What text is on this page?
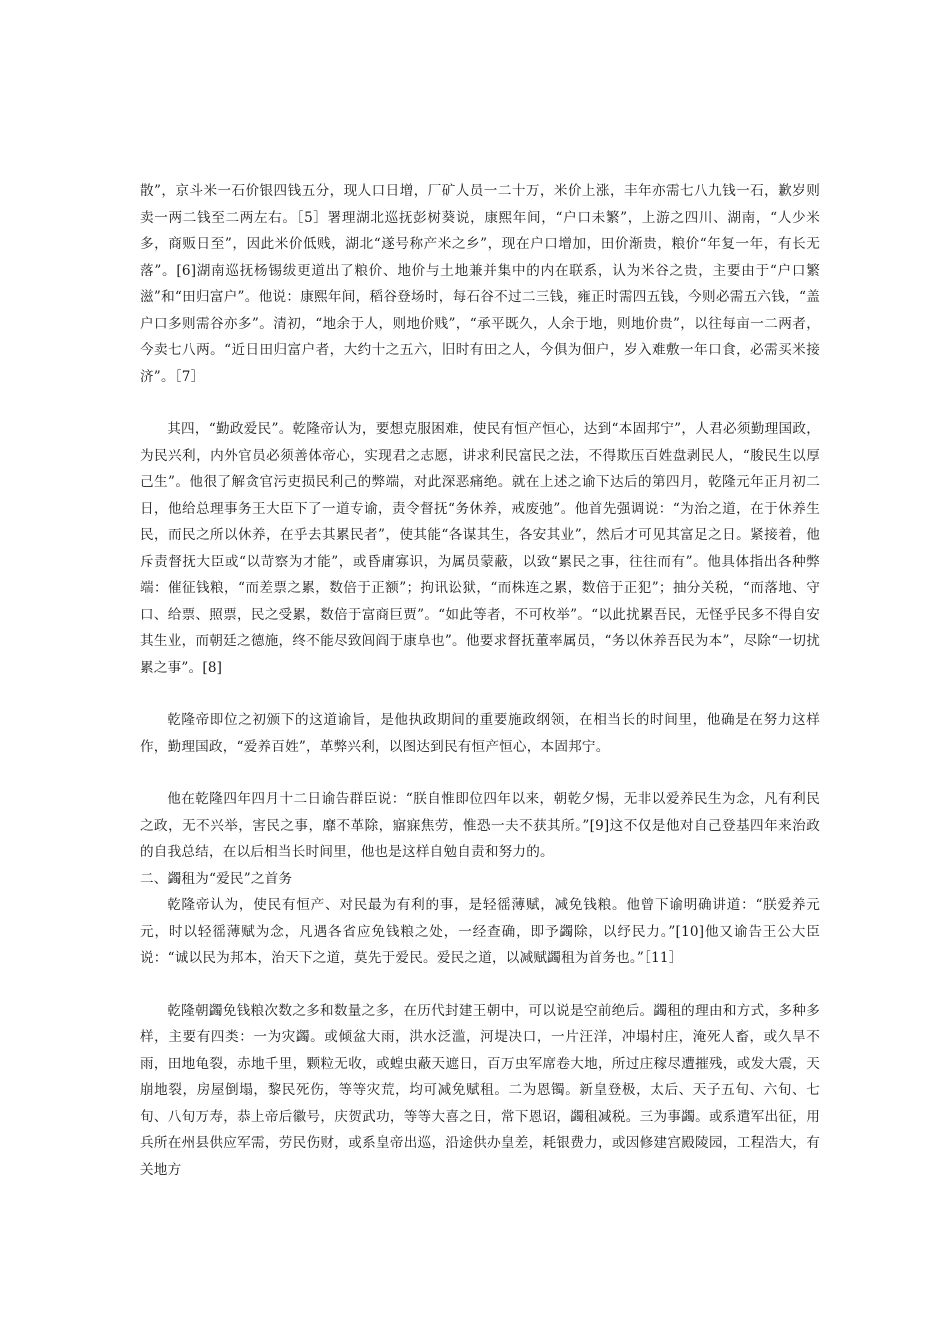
散”，京斗米一石价银四钱五分，现人口日增，厂矿人员一二十万，米价上涨，丰年亦需七八九钱一石，歉岁则卖一两二钱至二两左右。［5］署理湖北巡抚彭树葵说，康熙年间，“户口未繁”，上游之四川、湖南，“人少米多，商贩日至”，因此米价低贱，湖北“遂号称产米之乡”，现在户口增加，田价渐贵，粮价“年复一年，有长无落”。[6]湖南巡抚杨锡绂更道出了粮价、地价与土地兼并集中的内在联系，认为米谷之贵，主要由于“户口繁滋”和“田归富户”。他说：康熙年间，稻谷登场时，每石谷不过二三钱，雍正时需四五钱，今则必需五六钱，“盖户口多则需谷亦多”。清初，“地余于人，则地价贱”，“承平既久，人余于地，则地价贵”，以往每亩一二两者，今卖七八两。“近日田归富户者，大约十之五六，旧时有田之人，今俱为佃户，岁入难敷一年口食，必需买米接济”。［7］

其四，“勤政爱民”。乾隆帝认为，要想克服困难，使民有恒产恒心，达到“本固邦宁”，人君必须勤理国政，为民兴利，内外官员必须善体帝心，实现君之志愿，讲求利民富民之法，不得欺压百姓盘剥民人，“朘民生以厚己生”。他很了解贪官污吏损民利己的弊端，对此深恶痛绝。就在上述之谕下达后的第四月，乾隆元年正月初二日，他给总理事务王大臣下了一道专谕，责令督抚“务休养，戒废弛”。他首先强调说：“为治之道，在于休养生民，而民之所以休养，在乎去其累民者”，使其能“各谋其生，各安其业”，然后才可见其富足之日。紧接着，他斥责督抚大臣或“以苛察为才能”，或昏庸寡识，为属员蒙蔽，以致“累民之事，往往而有”。他具体指出各种弊端：催征钱粮，“而差票之累，数倍于正额”；拘讯讼狱，“而株连之累，数倍于正犯”；抽分关税，“而落地、守口、给票、照票，民之受累，数倍于富商巨贾”。“如此等者，不可枚举”。“以此扰累吾民，无怪乎民多不得自安其生业，而朝廷之德施，终不能尽致闾阎于康阜也”。他要求督抚董率属员，“务以休养吾民为本”，尽除“一切扰累之事”。[8]

乾隆帝即位之初颁下的这道谕旨，是他执政期间的重要施政纲领，在相当长的时间里，他确是在努力这样作，勤理国政，“爱养百姓”，革弊兴利，以图达到民有恒产恒心，本固邦宁。

他在乾隆四年四月十二日谕告群臣说：“朕自惟即位四年以来，朝乾夕惕，无非以爱养民生为念，凡有利民之政，无不兴举，害民之事，靡不革除，寤寐焦劳，惟恐一夫不获其所。”[9]这不仅是他对自己登基四年来治政的自我总结，在以后相当长时间里，他也是这样自勉自责和努力的。

二、蠲租为“爱民”之首务

乾隆帝认为，使民有恒产、对民最为有利的事，是轻徭薄赋，减免钱粮。他曾下谕明确讲道：“朕爱养元元，时以轻徭薄赋为念，凡遇各省应免钱粮之处，一经查确，即予蠲除，以纾民力。”[10]他又谕告王公大臣说：“诚以民为邦本，治天下之道，莫先于爱民。爱民之道，以减赋蠲租为首务也。”［11］

乾隆朝蠲免钱粮次数之多和数量之多，在历代封建王朝中，可以说是空前绝后。蠲租的理由和方式，多种多样，主要有四类：一为灾蠲。或倾盆大雨，洪水泛滥，河堤决口，一片汪洋，冲塌村庄，淹死人畜，或久旱不雨，田地龟裂，赤地千里，颗粒无收，或蝗虫蔽天遮日，百万虫军席卷大地，所过庄稼尽遭摧残，或发大震，天崩地裂，房屋倒塌，黎民死伤，等等灾荒，均可减免赋租。二为恩镯。新皇登极，太后、天子五旬、六旬、七旬、八旬万寿，恭上帝后徽号，庆贺武功，等等大喜之日，常下恩诏，蠲租减税。三为事蠲。或系遣军出征，用兵所在州县供应军需，劳民伤财，或系皇帝出巡，沿途供办皇差，耗银费力，或因修建宫殿陵园，工程浩大，有关地方
